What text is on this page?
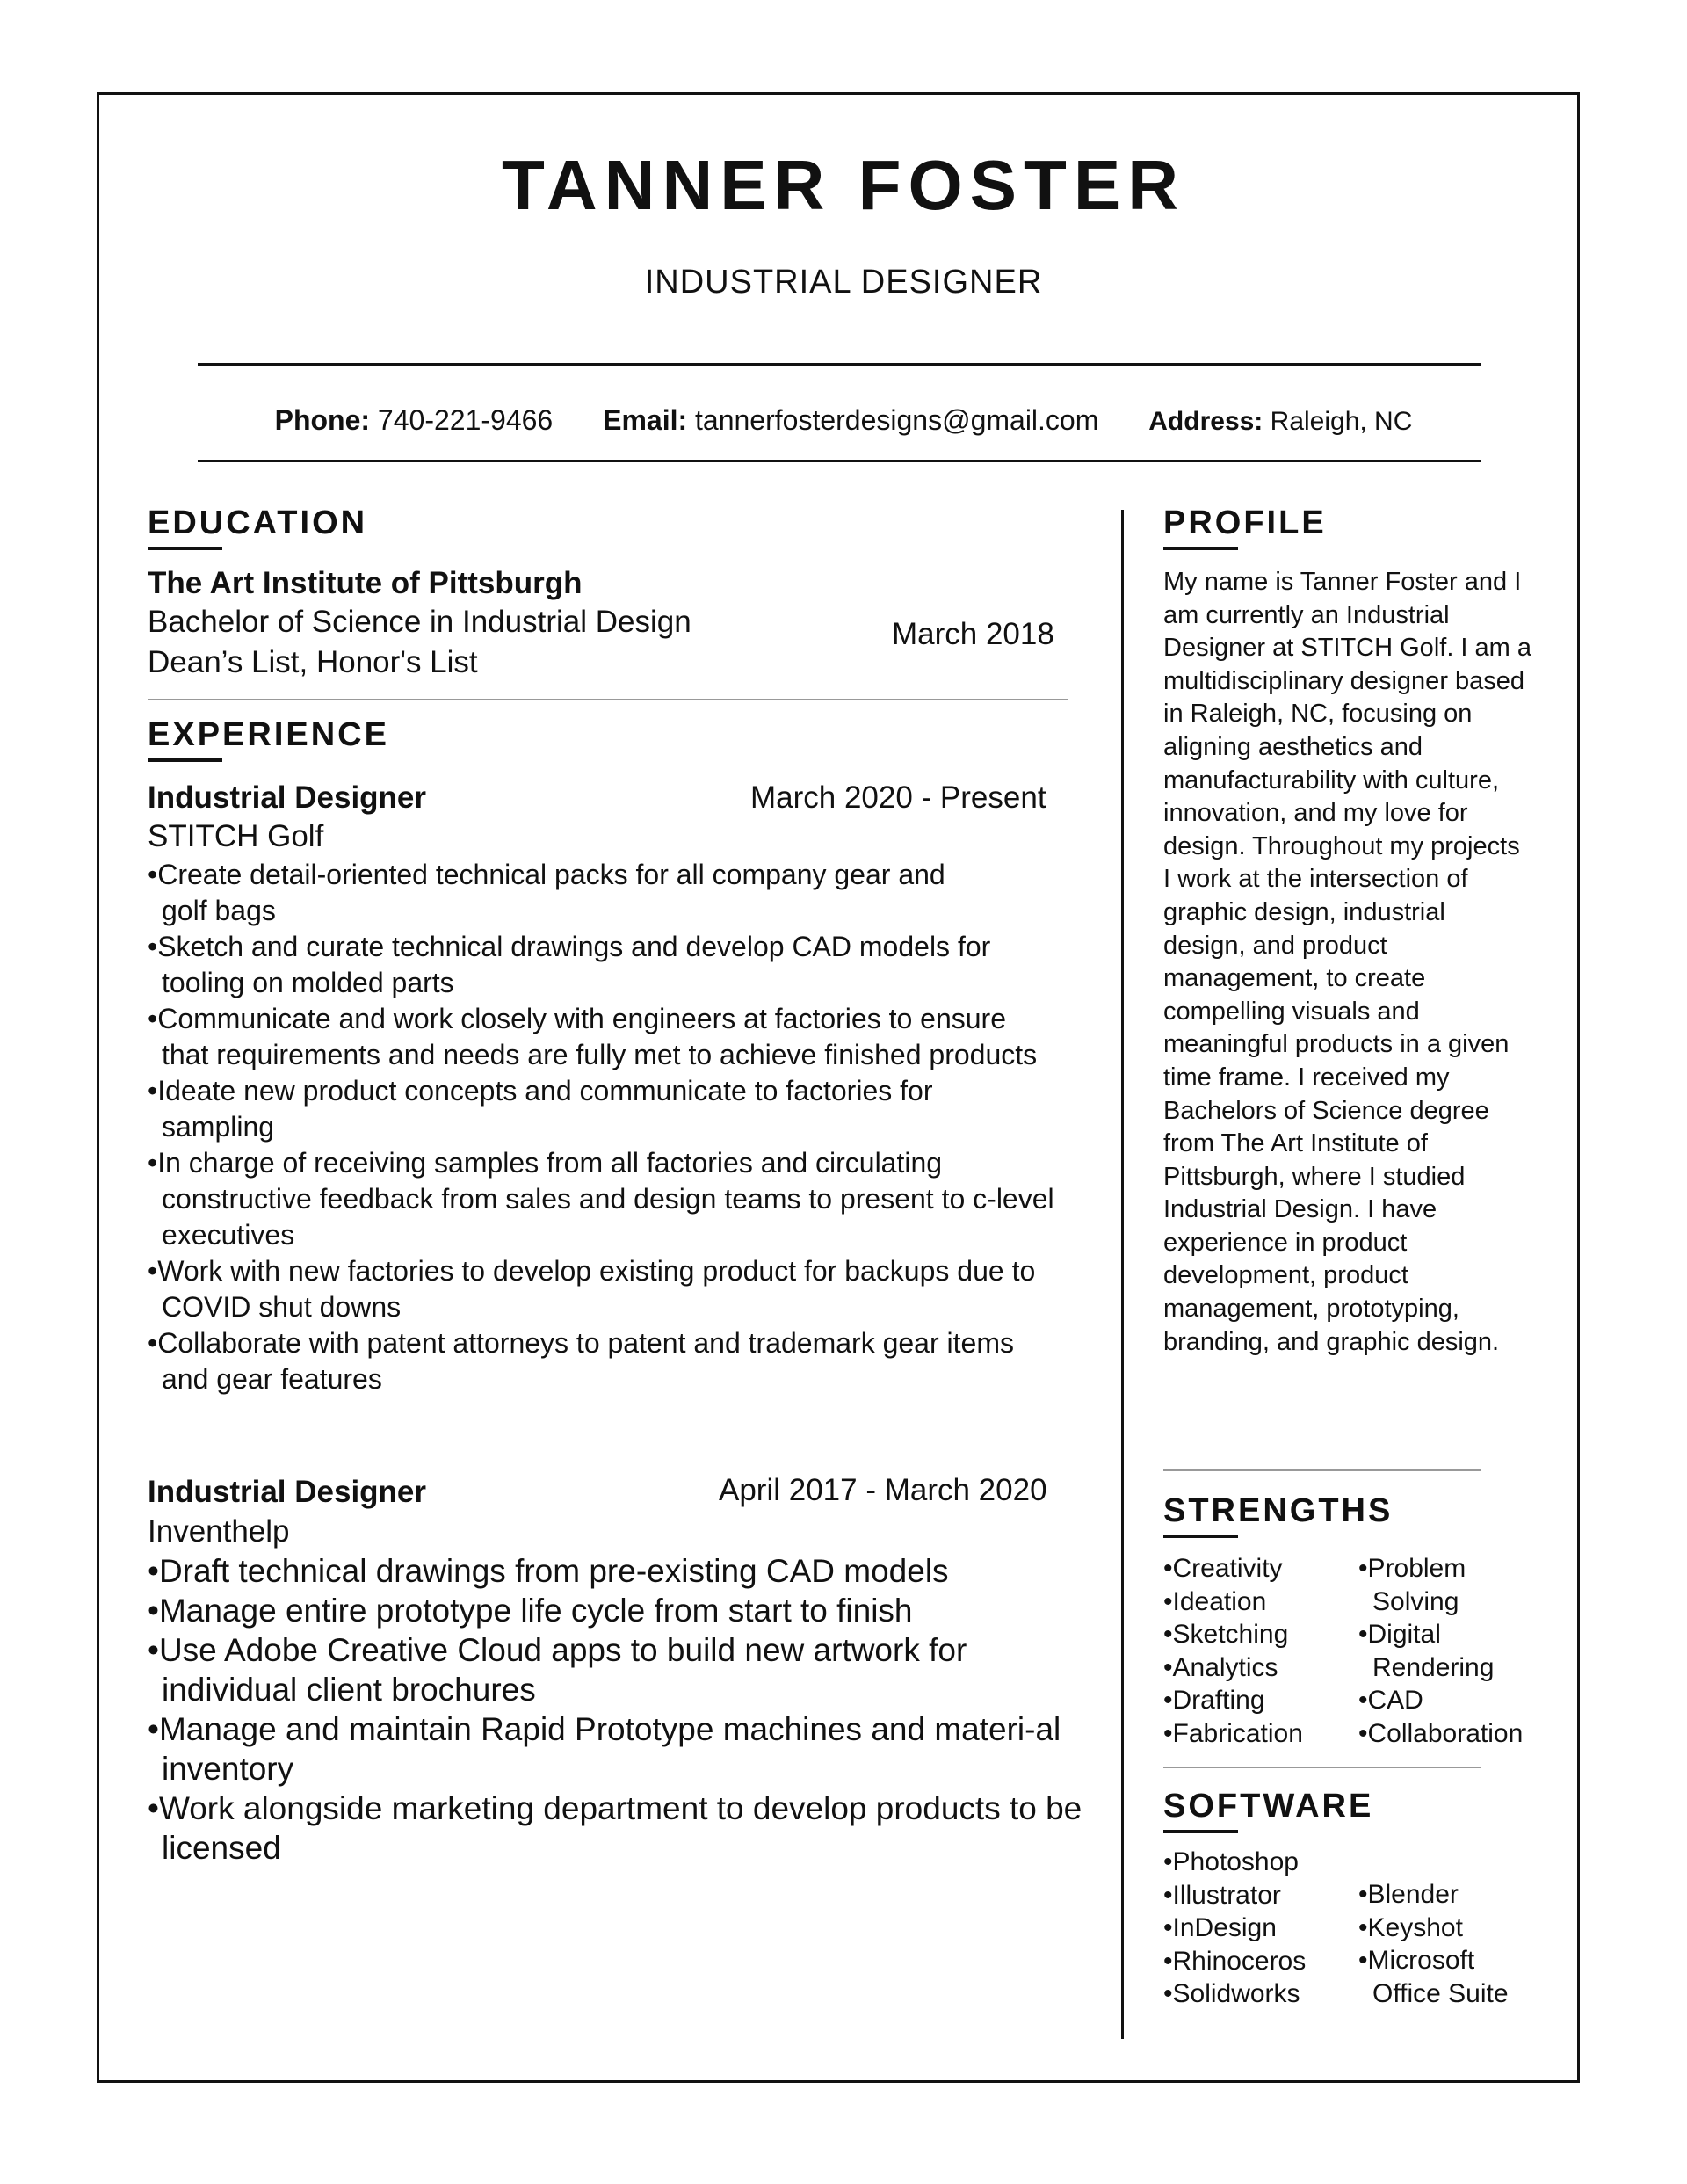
TANNER FOSTER
INDUSTRIAL DESIGNER
Phone: 740-221-9466 Email: tannerfosterdesigns@gmail.com Address: Raleigh, NC
EDUCATION
The Art Institute of Pittsburgh
Bachelor of Science in Industrial Design
Dean’s List, Honor's List
March 2018
EXPERIENCE
Industrial Designer	March 2020 - Present
STITCH Golf
•Create detail-oriented technical packs for all company gear and golf bags
•Sketch and curate technical drawings and develop CAD models for tooling on molded parts
•Communicate and work closely with engineers at factories to ensure that requirements and needs are fully met to achieve finished products
•Ideate new product concepts and communicate to factories for sampling
•In charge of receiving samples from all factories and circulating constructive feedback from sales and design teams to present to c-level executives
•Work with new factories to develop existing product for backups due to COVID shut downs
•Collaborate with patent attorneys to patent and trademark gear items and gear features
Industrial Designer	April 2017 - March 2020
Inventhelp
•Draft technical drawings from pre-existing CAD models
•Manage entire prototype life cycle from start to finish
•Use Adobe Creative Cloud apps to build new artwork for individual client brochures
•Manage and maintain Rapid Prototype machines and materi-al inventory
•Work alongside marketing department to develop products to be licensed
PROFILE

My name is Tanner Foster and I am currently an Industrial Designer at STITCH Golf. I am a multidisciplinary designer based in Raleigh, NC, focusing on aligning aesthetics and manufacturability with culture, innovation, and my love for design. Throughout my projects I work at the intersection of graphic design, industrial design, and product management, to create compelling visuals and meaningful products in a given time frame. I received my Bachelors of Science degree from The Art Institute of Pittsburgh, where I studied Industrial Design. I have experience in product development, product management, prototyping, branding, and graphic design.

STRENGTHS
•Creativity
•Ideation
•Sketching
•Analytics
•Drafting
•Fabrication
•Problem Solving
•Digital Rendering
•CAD
•Collaboration
SOFTWARE
•Photoshop
•Illustrator
•InDesign
•Rhinoceros
•Solidworks
•Blender
•Keyshot
•Microsoft Office Suite
